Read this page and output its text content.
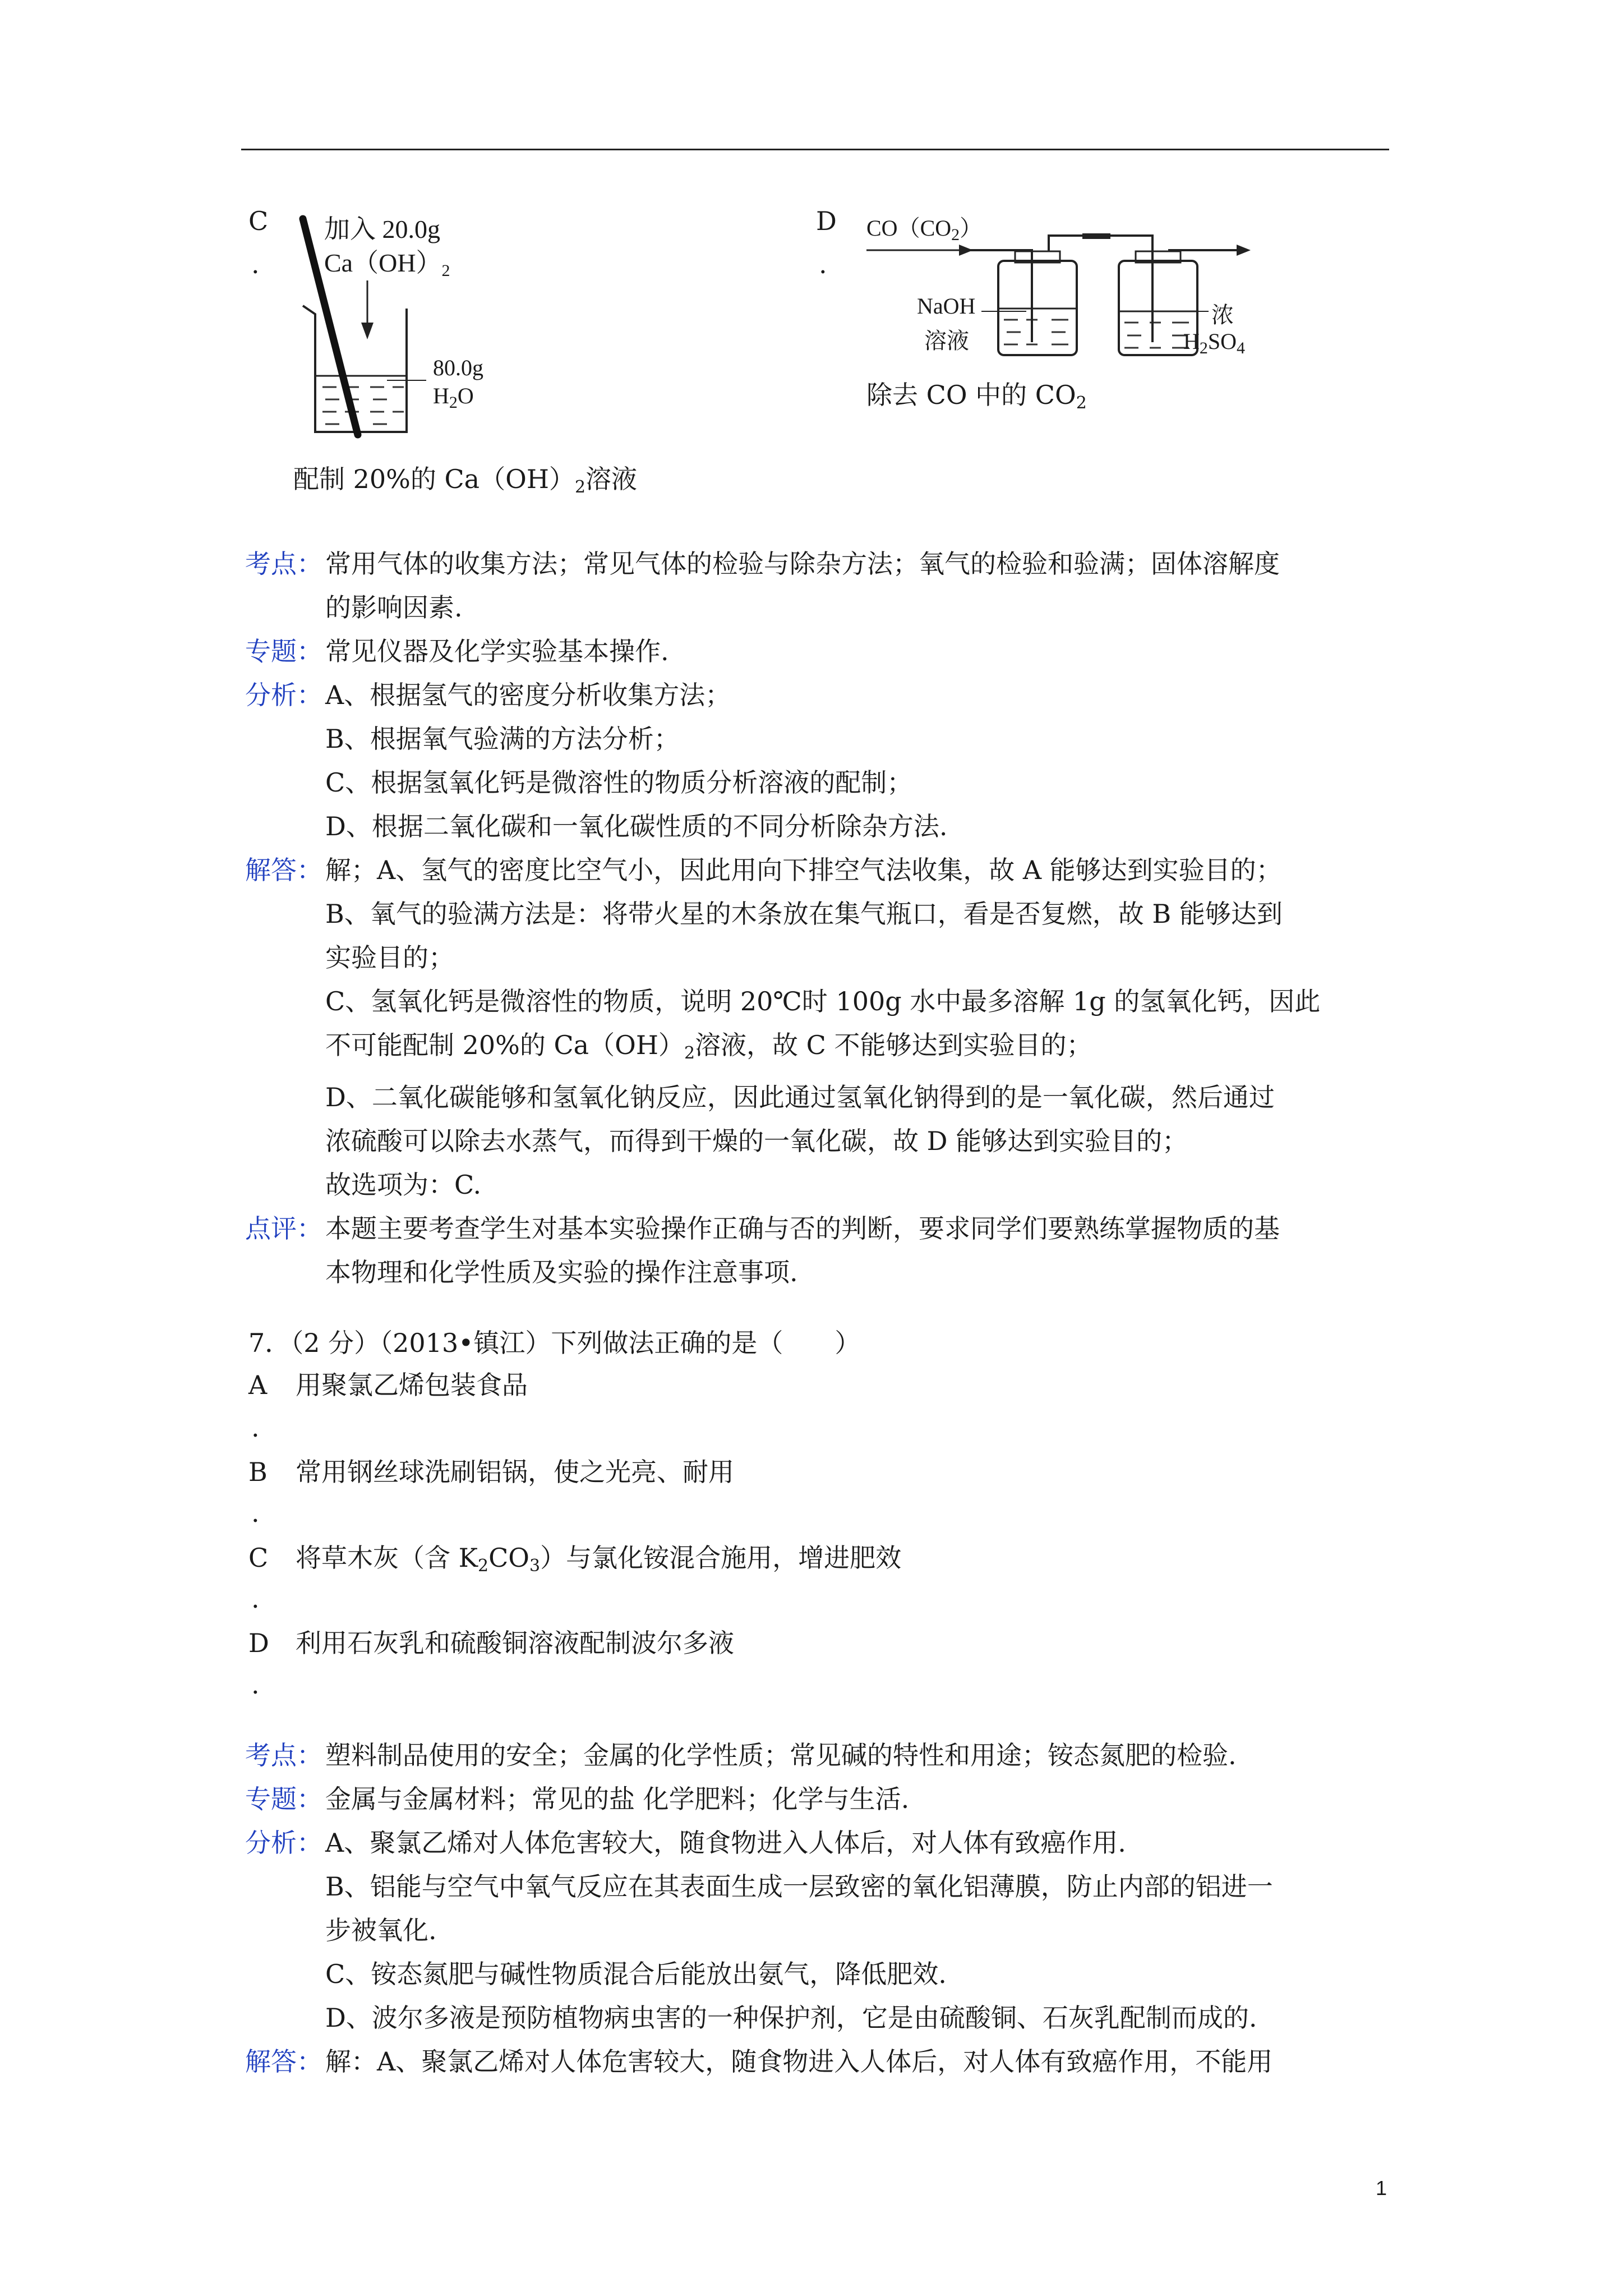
C
.
加入 20.0g
$Ca(OH)_2$
80.0g
$H_2O$
配制 20%的 $Ca(OH)_2$溶液
D
.
$CO(CO_2)$
NaOH
溶液
浓
$H_2SO_4$
除去 CO 中的 $CO_2$
考点： 常用气体的收集方法；常见气体的检验与除杂方法；氧气的检验和验满；固体溶解度
的影响因素.
专题： 常见仪器及化学实验基本操作.
分析： A、根据氢气的密度分析收集方法；
B、根据氧气验满的方法分析；
C、根据氢氧化钙是微溶性的物质分析溶液的配制；
D、根据二氧化碳和一氧化碳性质的不同分析除杂方法.
解答： 解；A、氢气的密度比空气小，因此用向下排空气法收集，故 A 能够达到实验目的；
B、氧气的验满方法是：将带火星的木条放在集气瓶口，看是否复燃，故 B 能够达到
实验目的；
C、氢氧化钙是微溶性的物质，说明 20℃时 100g 水中最多溶解 1g 的氢氧化钙，因此
不可能配制 20%的 $Ca(OH)_2$溶液，故 C 不能够达到实验目的；
D、二氧化碳能够和氢氧化钠反应，因此通过氢氧化钠得到的是一氧化碳，然后通过
浓硫酸可以除去水蒸气，而得到干燥的一氧化碳，故 D 能够达到实验目的；
故选项为：C.
点评： 本题主要考查学生对基本实验操作正确与否的判断，要求同学们要熟练掌握物质的基
本物理和化学性质及实验的操作注意事项.
7．（2 分）（2013•镇江）下列做法正确的是（　　）
A 用聚氯乙烯包装食品
.
B 常用钢丝球洗刷铝锅，使之光亮、耐用
.
C 将草木灰（含 $K_2CO_3$）与氯化铵混合施用，增进肥效
.
D 利用石灰乳和硫酸铜溶液配制波尔多液
.
考点： 塑料制品使用的安全；金属的化学性质；常见碱的特性和用途；铵态氮肥的检验.
专题： 金属与金属材料；常见的盐 化学肥料；化学与生活.
分析： A、聚氯乙烯对人体危害较大，随食物进入人体后，对人体有致癌作用.
B、铝能与空气中氧气反应在其表面生成一层致密的氧化铝薄膜，防止内部的铝进一
步被氧化.
C、铵态氮肥与碱性物质混合后能放出氨气，降低肥效.
D、波尔多液是预防植物病虫害的一种保护剂，它是由硫酸铜、石灰乳配制而成的.
解答： 解：A、聚氯乙烯对人体危害较大，随食物进入人体后，对人体有致癌作用，不能用
1
